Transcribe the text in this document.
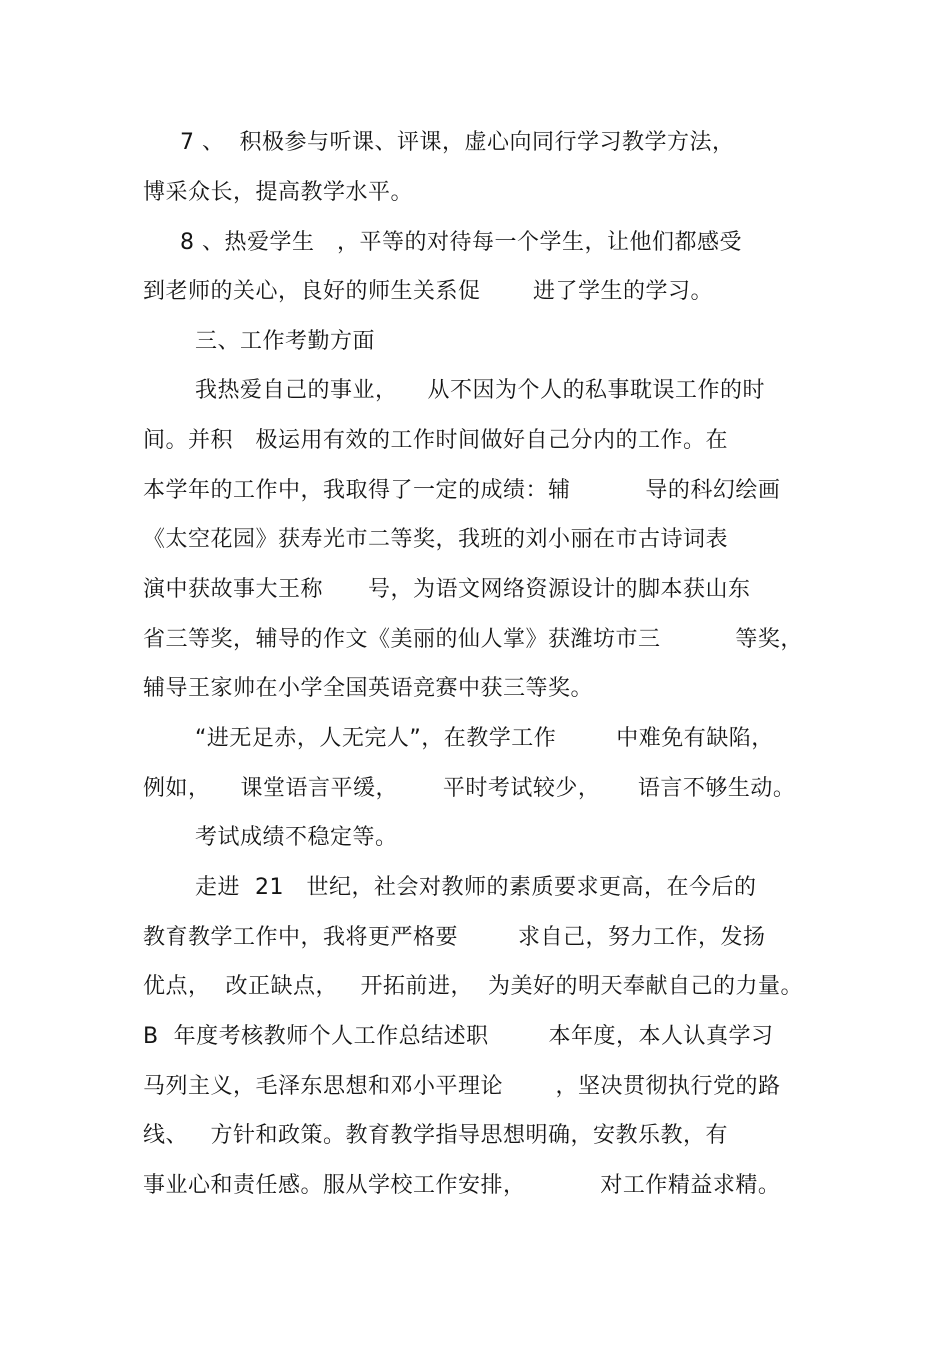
7 、  积极参与听课、评课，虚心向同行学习教学方法，
博采众长，提高教学水平。
8 、热爱学生   ，平等的对待每一个学生，让他们都感受
到老师的关心，良好的师生关系促       进了学生的学习。
三、工作考勤方面
我热爱自己的事业，    从不因为个人的私事耽误工作的时
间。并积   极运用有效的工作时间做好自己分内的工作。在
本学年的工作中，我取得了一定的成绩：辅          导的科幻绘画
《太空花园》获寿光市二等奖，我班的刘小丽在市古诗词表
演中获故事大王称      号，为语文网络资源设计的脚本获山东
省三等奖，辅导的作文《美丽的仙人掌》获潍坊市三          等奖，
辅导王家帅在小学全国英语竞赛中获三等奖。
“进无足赤，人无完人”，在教学工作        中难免有缺陷，
例如，    课堂语言平缓，      平时考试较少，     语言不够生动。
考试成绩不稳定等。
走进  21   世纪，社会对教师的素质要求更高，在今后的
教育教学工作中，我将更严格要        求自己，努力工作，发扬
优点，  改正缺点，   开拓前进，  为美好的明天奉献自己的力量。
B  年度考核教师个人工作总结述职        本年度，本人认真学习
马列主义，毛泽东思想和邓小平理论       ，坚决贯彻执行党的路
线、   方针和政策。教育教学指导思想明确，安教乐教，有
事业心和责任感。服从学校工作安排，          对工作精益求精。
